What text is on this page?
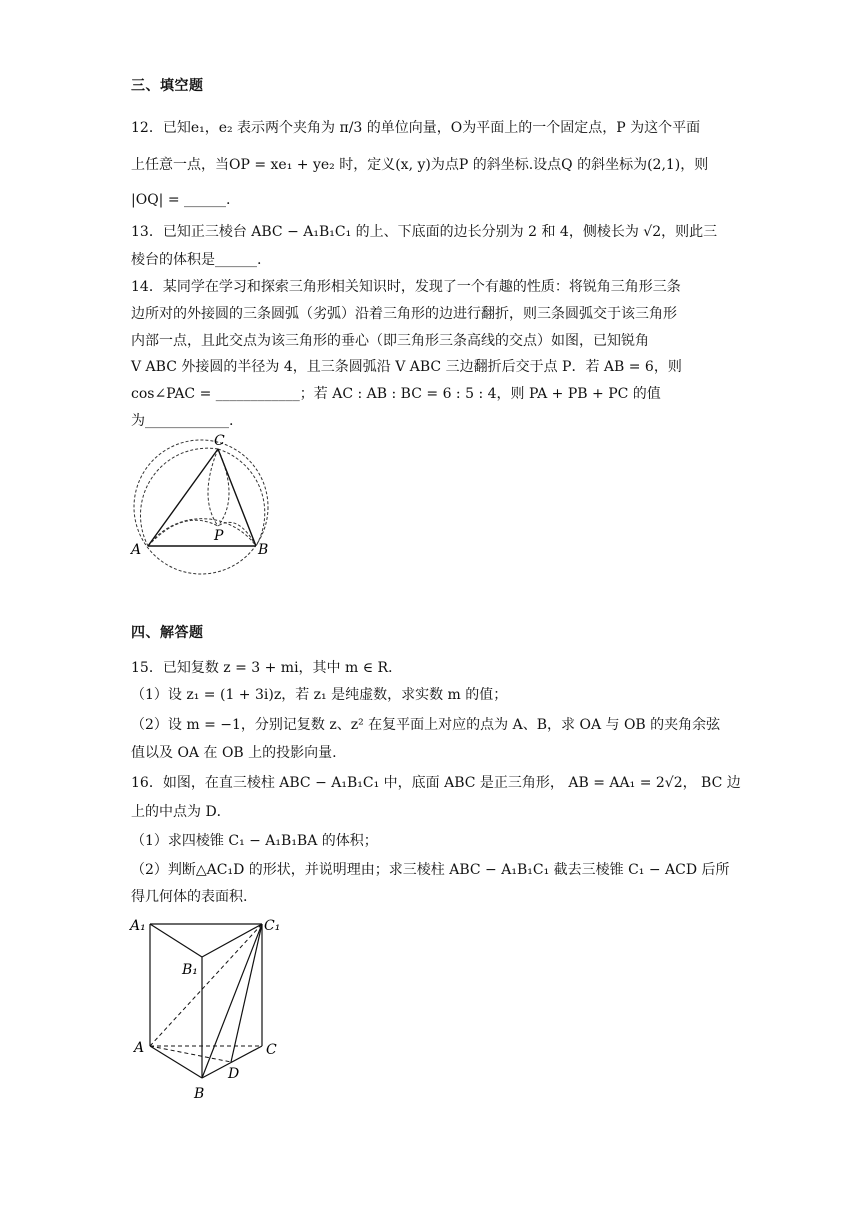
三、填空题
12．已知e₁，e₂ 表示两个夹角为 π/3 的单位向量，O为平面上的一个固定点，P 为这个平面
上任意一点，当OP = xe₁ + ye₂ 时，定义(x, y)为点P 的斜坐标.设点Q 的斜坐标为(2,1)，则
|OQ| = ______.
13．已知正三棱台 ABC − A₁B₁C₁ 的上、下底面的边长分别为 2 和 4，侧棱长为 √2，则此三
棱台的体积是______.
14．某同学在学习和探索三角形相关知识时，发现了一个有趣的性质：将锐角三角形三条
边所对的外接圆的三条圆弧（劣弧）沿着三角形的边进行翻折，则三条圆弧交于该三角形
内部一点，且此交点为该三角形的垂心（即三角形三条高线的交点）如图，已知锐角
V ABC 外接圆的半径为 4，且三条圆弧沿 V ABC 三边翻折后交于点 P．若 AB = 6，则
cos∠PAC = ____________；若 AC : AB : BC = 6 : 5 : 4，则 PA + PB + PC 的值
为____________.
C
A	B
P
四、解答题
15．已知复数 z = 3 + mi，其中 m ∈ R．
（1）设 z₁ = (1 + 3i)z，若 z₁ 是纯虚数，求实数 m 的值；
（2）设 m = −1，分别记复数 z、z² 在复平面上对应的点为 A、B，求 OA 与 OB 的夹角余弦
值以及 OA 在 OB 上的投影向量.
16．如图，在直三棱柱 ABC − A₁B₁C₁ 中，底面 ABC 是正三角形， AB = AA₁ = 2√2， BC 边
上的中点为 D．
（1）求四棱锥 C₁ − A₁B₁BA 的体积；
（2）判断△AC₁D 的形状，并说明理由；求三棱柱 ABC − A₁B₁C₁ 截去三棱锥 C₁ − ACD 后所
得几何体的表面积.
A₁	C₁
B₁
A	C
D
B
